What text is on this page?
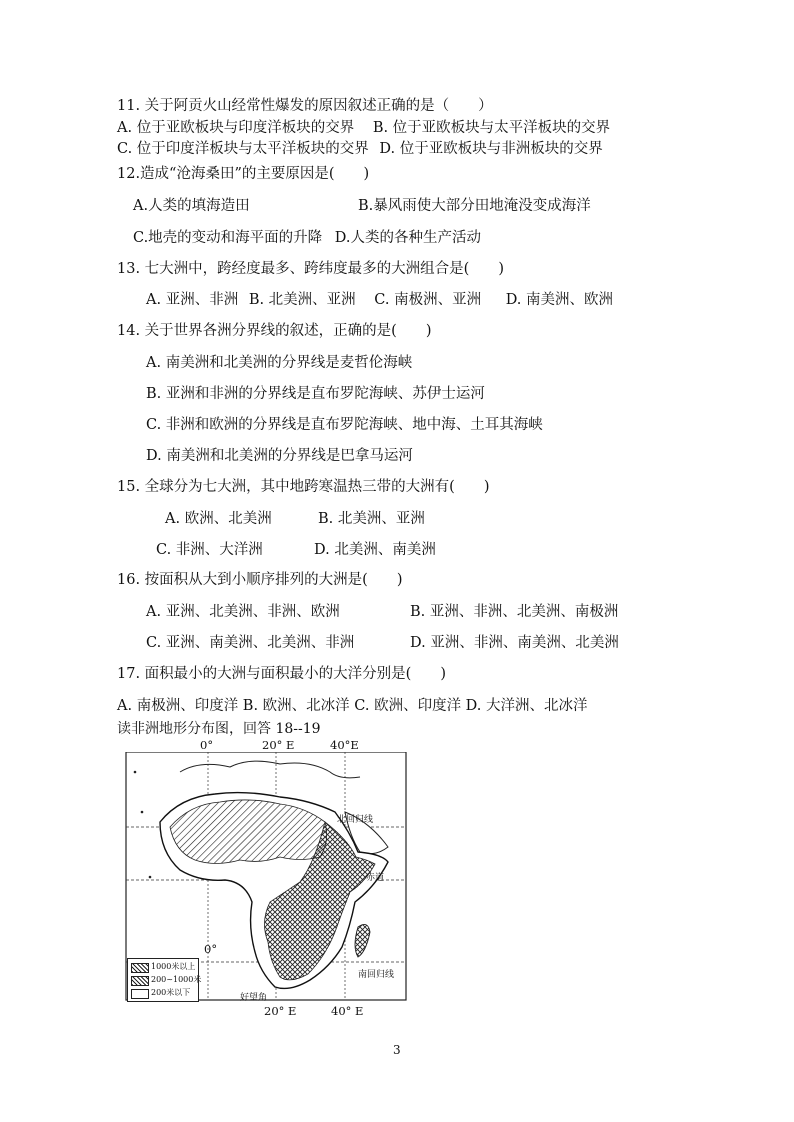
11. 关于阿贡火山经常性爆发的原因叙述正确的是（　　）
A. 位于亚欧板块与印度洋板块的交界 B. 位于亚欧板块与太平洋板块的交界
C. 位于印度洋板块与太平洋板块的交界 D. 位于亚欧板块与非洲板块的交界
12.造成“沧海桑田”的主要原因是(　　)
A.人类的填海造田	B.暴风雨使大部分田地淹没变成海洋
C.地壳的变动和海平面的升降 D.人类的各种生产活动
13. 七大洲中，跨经度最多、跨纬度最多的大洲组合是(　　)
A. 亚洲、非洲 B. 北美洲、亚洲 C. 南极洲、亚洲 D. 南美洲、欧洲
14. 关于世界各洲分界线的叙述，正确的是(　　)
A. 南美洲和北美洲的分界线是麦哲伦海峡
B. 亚洲和非洲的分界线是直布罗陀海峡、苏伊士运河
C. 非洲和欧洲的分界线是直布罗陀海峡、地中海、土耳其海峡
D. 南美洲和北美洲的分界线是巴拿马运河
15. 全球分为七大洲，其中地跨寒温热三带的大洲有(　　)
A. 欧洲、北美洲	B. 北美洲、亚洲
C. 非洲、大洋洲	D. 北美洲、南美洲
16. 按面积从大到小顺序排列的大洲是(　　)
A. 亚洲、北美洲、非洲、欧洲	B. 亚洲、非洲、北美洲、南极洲
C. 亚洲、南美洲、北美洲、非洲	D. 亚洲、非洲、南美洲、北美洲
17. 面积最小的大洲与面积最小的大洋分别是(　　)
A. 南极洲、印度洋 B. 欧洲、北冰洋 C. 欧洲、印度洋 D. 大洋洲、北冰洋
读非洲地形分布图，回答 18--19
0°	20° E	40°E
北回归线
赤道
南回归线
好望角
0°
1000米以上
200~1000米
200米以下
20° E	40° E
3
